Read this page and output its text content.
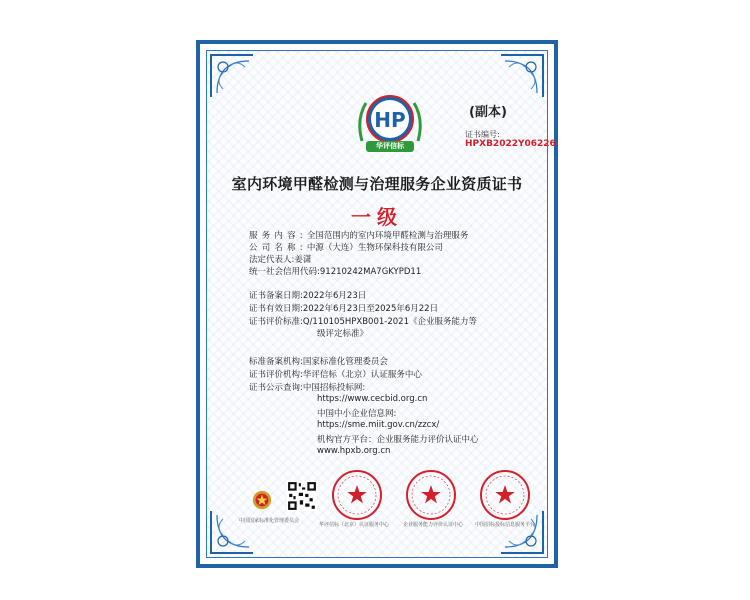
HP
华评信标
(副本)
证书编号:
HPXB2022Y06226
室内环境甲醛检测与治理服务企业资质证书
一级
服务内容:全国范围内的室内环境甲醛检测与治理服务
公司名称:中源（大连）生物环保科技有限公司
法定代表人:姜潇
统一社会信用代码:91210242MA7GKYPD11
证书备案日期:2022年6月23日
证书有效日期:2022年6月23日至2025年6月22日
证书评价标准:Q/110105HPXB001-2021《企业服务能力等
级评定标准》
标准备案机构:国家标准化管理委员会
证书评价机构:华评信标（北京）认证服务中心
证书公示查询:中国招标投标网:
https://www.cecbid.org.cn
中国中小企业信息网:
https://sme.miit.gov.cn/zzcx/
机构官方平台：企业服务能力评价认证中心
www.hpxb.org.cn
中国国家标准化管理委员会
华评信标（北京）认证服务中心	企业服务能力评价认证中心 中国招标投标信息服务平台
